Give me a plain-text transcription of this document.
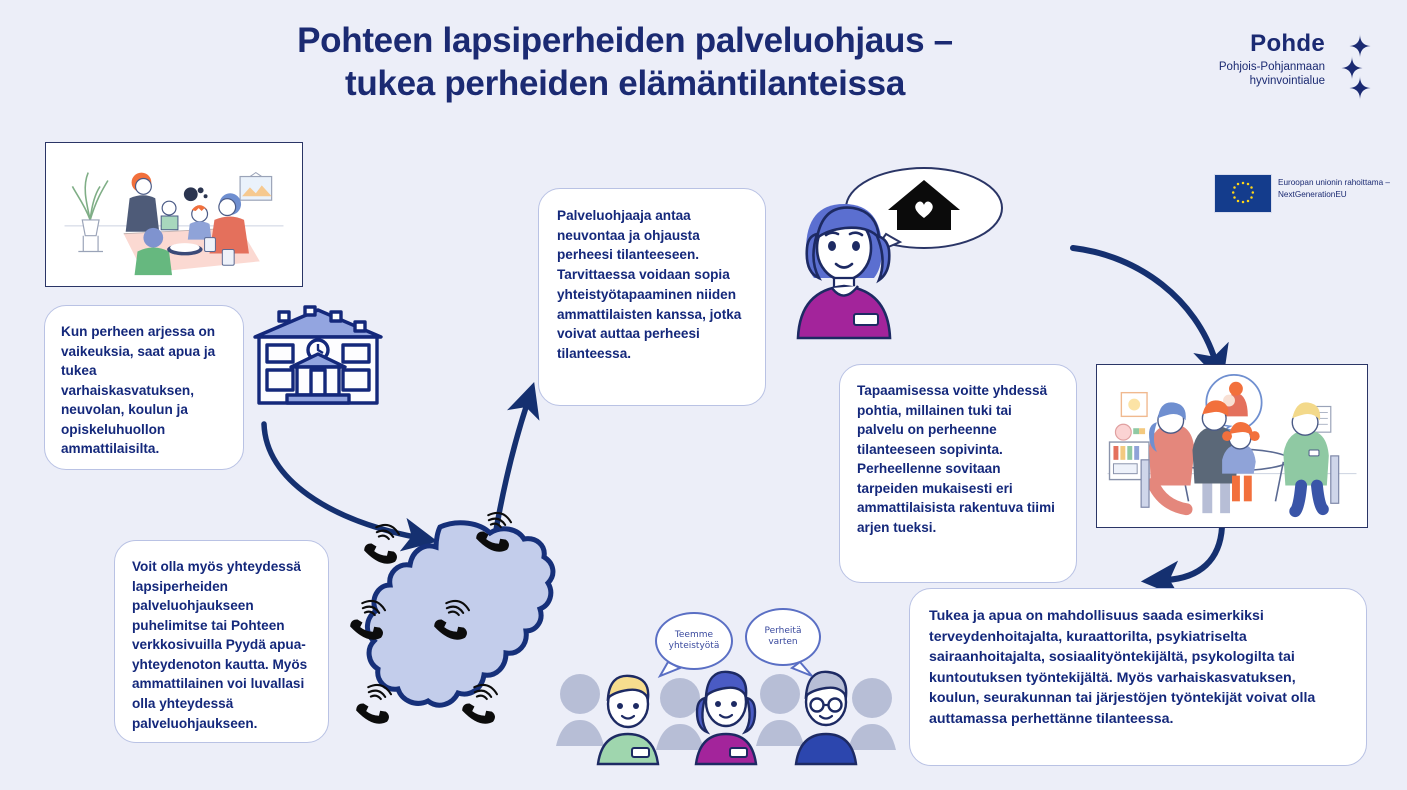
Pohteen lapsiperheiden palveluohjaus –
tukea perheiden elämäntilanteissa
Pohde
Pohjois-Pohjanmaan
hyvinvointialue
Euroopan unionin rahoittama –
NextGenerationEU
Teemme
yhteistyötä
Perheitä
varten
Kun perheen arjessa on vaikeuksia, saat apua ja tukea varhaiskasvatuksen, neuvolan, koulun ja opiskeluhuollon ammattilaisilta.
Palveluohjaaja antaa neuvontaa ja ohjausta perheesi tilanteeseen. Tarvittaessa voidaan sopia yhteistyötapaaminen niiden ammattilaisten kanssa, jotka voivat auttaa perheesi tilanteessa.
Tapaamisessa voitte yhdessä pohtia, millainen tuki tai palvelu on perheenne tilanteeseen sopivinta. Perheellenne sovitaan tarpeiden mukaisesti eri ammattilaisista rakentuva tiimi arjen tueksi.
Tukea ja apua on mahdollisuus saada esimerkiksi terveydenhoitajalta, kuraattorilta, psykiatriselta sairaanhoitajalta, sosiaalityöntekijältä, psykologilta tai kuntoutuksen työntekijältä. Myös varhaiskasvatuksen, koulun, seurakunnan tai järjestöjen työntekijät voivat olla auttamassa perhettänne tilanteessa.
Voit olla myös yhteydessä lapsiperheiden palveluohjaukseen puhelimitse tai Pohteen verkkosivuilla Pyydä apua-yhteydenoton kautta. Myös ammattilainen voi luvallasi olla yhteydessä palveluohjaukseen.
